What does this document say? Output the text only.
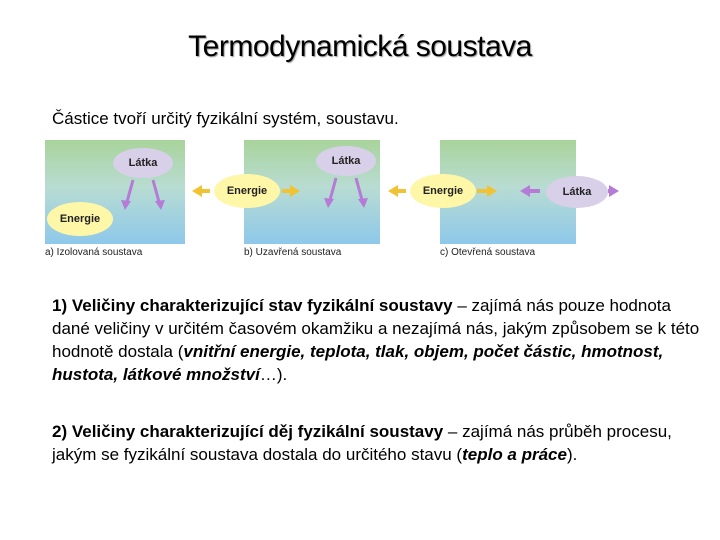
Termodynamická soustava
Částice tvoří určitý fyzikální systém, soustavu.
Látka
Energie
a) Izolovaná soustava
Látka
Energie
b) Uzavřená soustava
Energie	Látka
c) Otevřená soustava
1) Veličiny charakterizující stav fyzikální soustavy – zajímá nás pouze hodnota dané veličiny v určitém časovém okamžiku a nezajímá nás, jakým způsobem se k této hodnotě dostala (vnitřní energie, teplota, tlak, objem, počet částic, hmotnost, hustota, látkové množství…).
2) Veličiny charakterizující děj fyzikální soustavy – zajímá nás průběh procesu, jakým se fyzikální soustava dostala do určitého stavu (teplo a práce).
